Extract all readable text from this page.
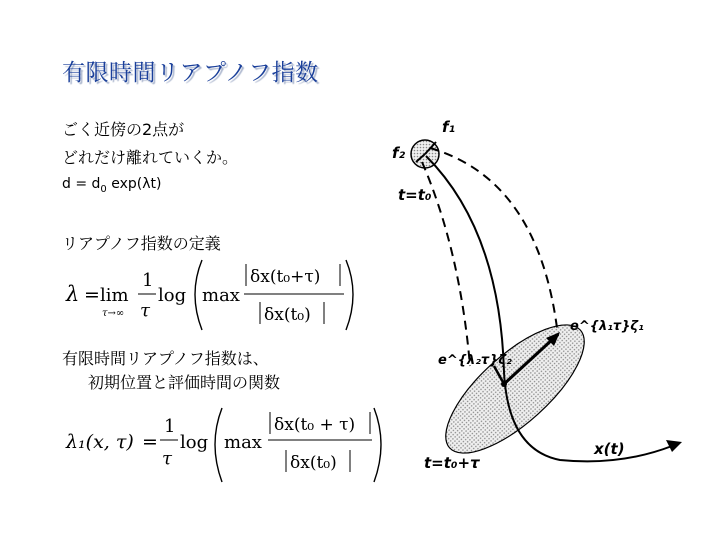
有限時間リアプノフ指数
ごく近傍の2点が
どれだけ離れていくか。
$d = d_0$ exp(λt)
リアプノフ指数の定義
λ = lim
τ→∞
1
τ
log max
δx(t₀+τ)
δx(t₀)
有限時間リアプノフ指数は、
初期位置と評価時間の関数
λ₁(x, τ) =
1
τ
log max
δx(t₀ + τ)
δx(t₀)
f₁
f₂
t=t₀
e^{λ₁τ}ζ₁
e^{λ₂τ}ζ₂
x(t)
t=t₀+τ
